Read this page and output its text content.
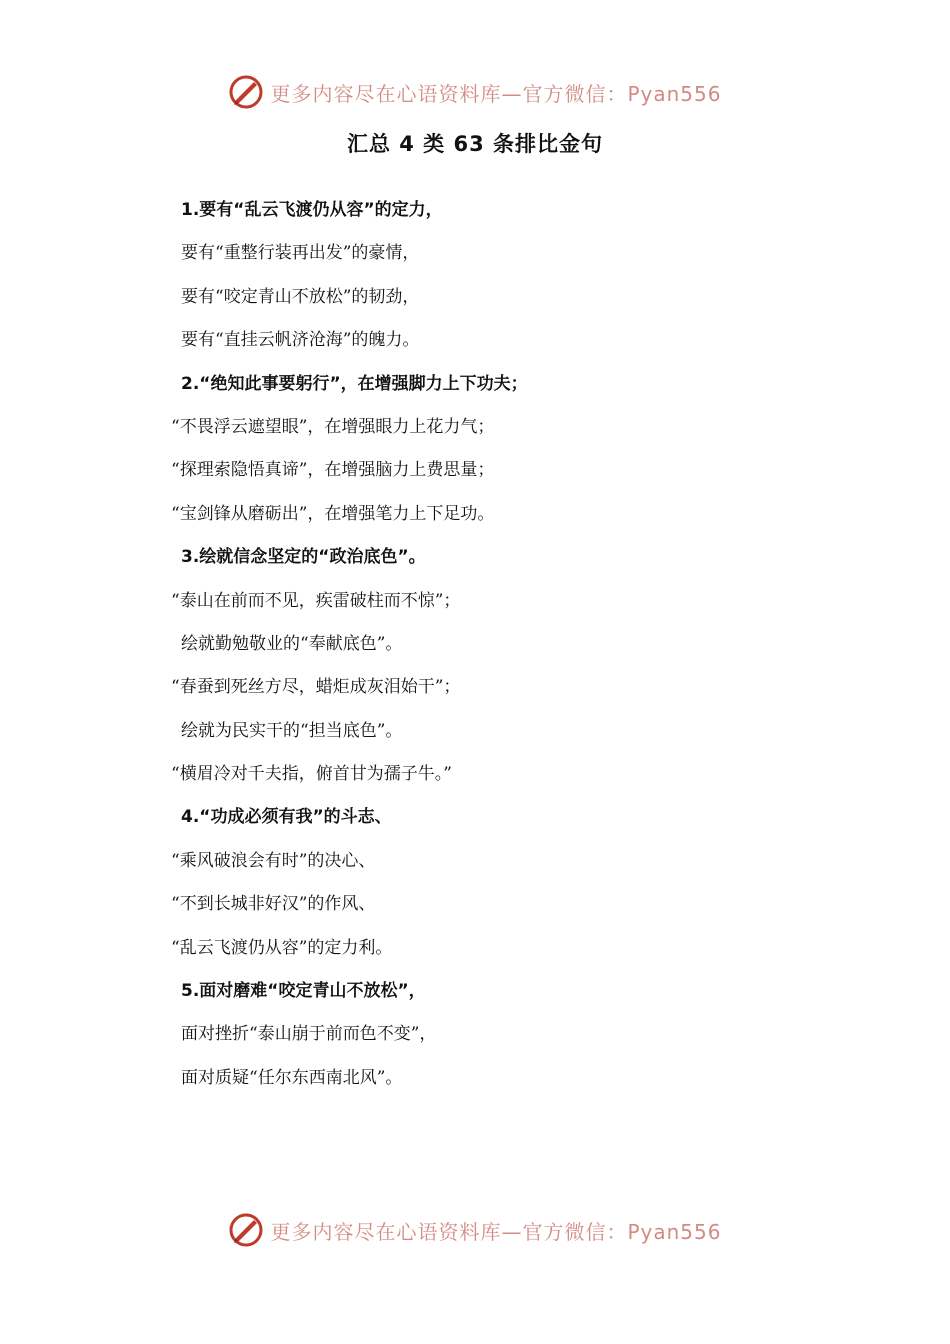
更多内容尽在心语资料库—官方微信：Pyan556
汇总 4 类 63 条排比金句
1.要有“乱云飞渡仍从容”的定力，
要有“重整行装再出发”的豪情，
要有“咬定青山不放松”的韧劲，
要有“直挂云帆济沧海”的魄力。
2.“绝知此事要躬行”，在增强脚力上下功夫；
“不畏浮云遮望眼”，在增强眼力上花力气；
“探理索隐悟真谛”，在增强脑力上费思量；
“宝剑锋从磨砺出”，在增强笔力上下足功。
3.绘就信念坚定的“政治底色”。
“泰山在前而不见，疾雷破柱而不惊”；
绘就勤勉敬业的“奉献底色”。
“春蚕到死丝方尽，蜡炬成灰泪始干”；
绘就为民实干的“担当底色”。
“横眉冷对千夫指，俯首甘为孺子牛。”
4.“功成必须有我”的斗志、
“乘风破浪会有时”的决心、
“不到长城非好汉”的作风、
“乱云飞渡仍从容”的定力利。
5.面对磨难“咬定青山不放松”，
面对挫折“泰山崩于前而色不变”，
面对质疑“任尔东西南北风”。
更多内容尽在心语资料库—官方微信：Pyan556
